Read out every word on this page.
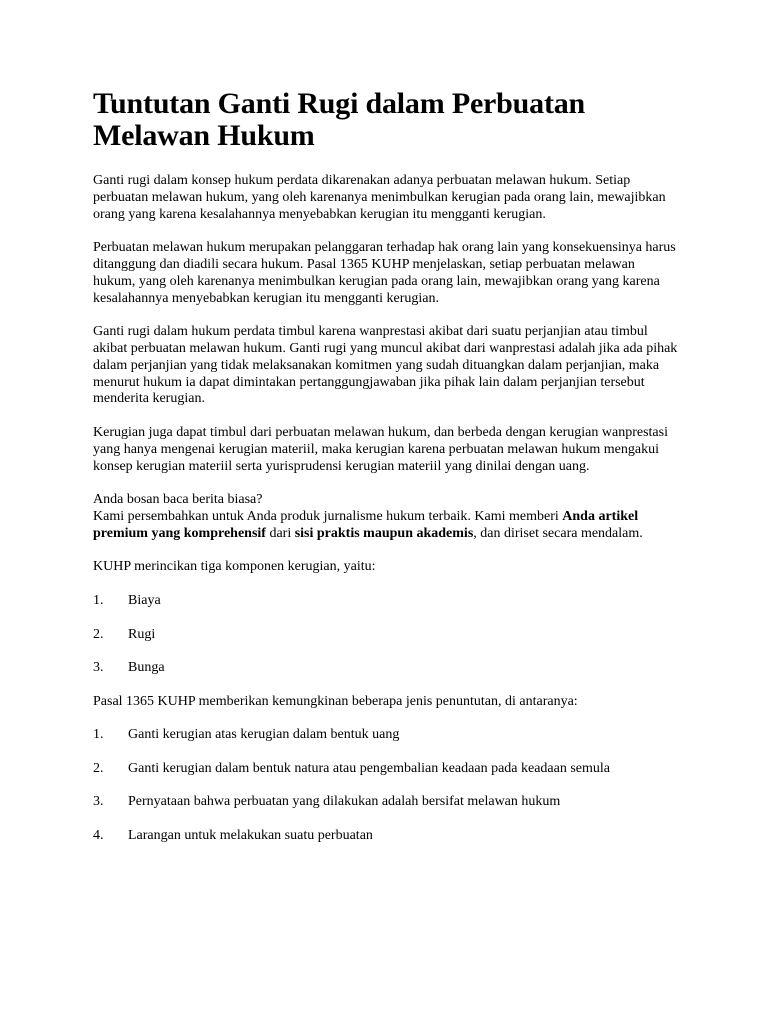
Tuntutan Ganti Rugi dalam Perbuatan Melawan Hukum

Ganti rugi dalam konsep hukum perdata dikarenakan adanya perbuatan melawan hukum. Setiap perbuatan melawan hukum, yang oleh karenanya menimbulkan kerugian pada orang lain, mewajibkan orang yang karena kesalahannya menyebabkan kerugian itu mengganti kerugian.

Perbuatan melawan hukum merupakan pelanggaran terhadap hak orang lain yang konsekuensinya harus ditanggung dan diadili secara hukum. Pasal 1365 KUHP menjelaskan, setiap perbuatan melawan hukum, yang oleh karenanya menimbulkan kerugian pada orang lain, mewajibkan orang yang karena kesalahannya menyebabkan kerugian itu mengganti kerugian.

Ganti rugi dalam hukum perdata timbul karena wanprestasi akibat dari suatu perjanjian atau timbul akibat perbuatan melawan hukum. Ganti rugi yang muncul akibat dari wanprestasi adalah jika ada pihak dalam perjanjian yang tidak melaksanakan komitmen yang sudah dituangkan dalam perjanjian, maka menurut hukum ia dapat dimintakan pertanggungjawaban jika pihak lain dalam perjanjian tersebut menderita kerugian.

Kerugian juga dapat timbul dari perbuatan melawan hukum, dan berbeda dengan kerugian wanprestasi yang hanya mengenai kerugian materiil, maka kerugian karena perbuatan melawan hukum mengakui konsep kerugian materiil serta yurisprudensi kerugian materiil yang dinilai dengan uang.

Anda bosan baca berita biasa?
Kami persembahkan untuk Anda produk jurnalisme hukum terbaik. Kami memberi Anda artikel premium yang komprehensif dari sisi praktis maupun akademis, dan diriset secara mendalam.

KUHP merincikan tiga komponen kerugian, yaitu:

1.	Biaya
2.	Rugi
3.	Bunga

Pasal 1365 KUHP memberikan kemungkinan beberapa jenis penuntutan, di antaranya:

1.	Ganti kerugian atas kerugian dalam bentuk uang
2.	Ganti kerugian dalam bentuk natura atau pengembalian keadaan pada keadaan semula
3.	Pernyataan bahwa perbuatan yang dilakukan adalah bersifat melawan hukum
4.	Larangan untuk melakukan suatu perbuatan
